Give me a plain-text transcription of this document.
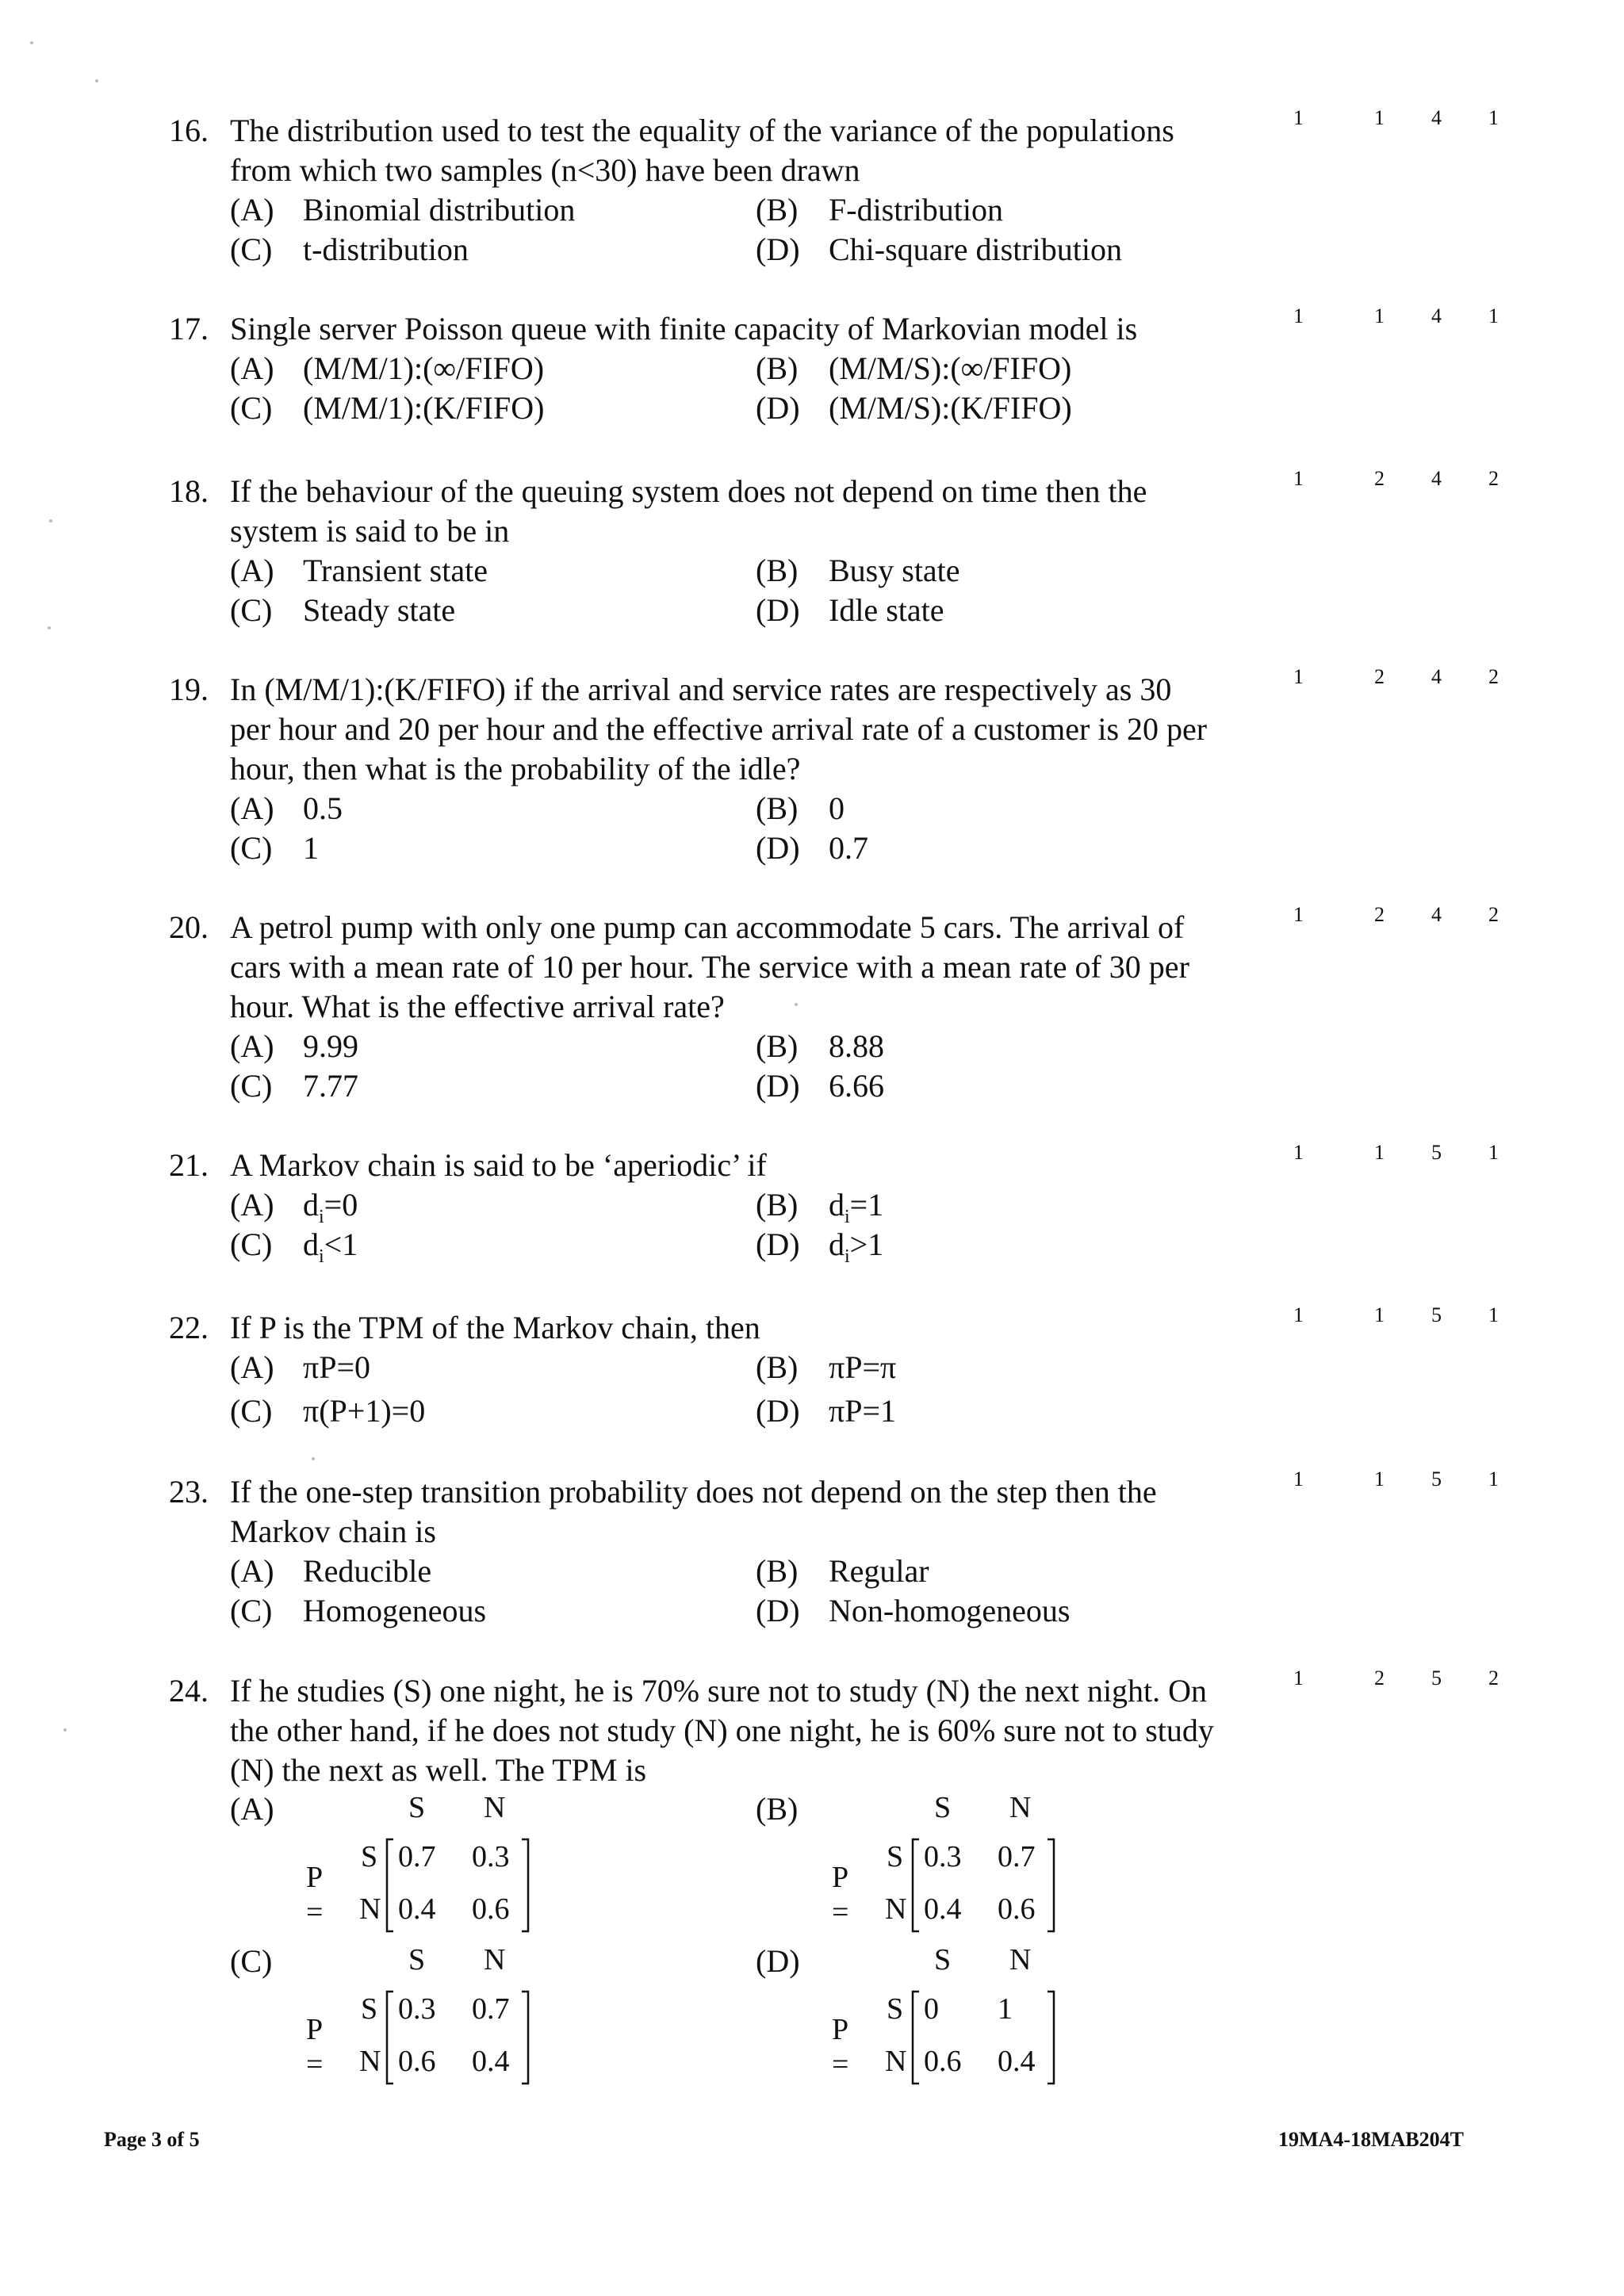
16. The distribution used to test the equality of the variance of the populations
from which two samples (n<30) have been drawn
1	1 4 1
(A) Binomial distribution	(B) F-distribution
(C) t-distribution	(D) Chi-square distribution
17. Single server Poisson queue with finite capacity of Markovian model is	1	1 4 1
(A) (M/M/1):(∞/FIFO)	(B) (M/M/S):(∞/FIFO)
(C) (M/M/1):(K/FIFO)	(D) (M/M/S):(K/FIFO)
18. If the behaviour of the queuing system does not depend on time then the
system is said to be in
1	2 4 2
(A) Transient state	(B) Busy state
(C) Steady state	(D) Idle state
19. In (M/M/1):(K/FIFO) if the arrival and service rates are respectively as 30
per hour and 20 per hour and the effective arrival rate of a customer is 20 per
hour, then what is the probability of the idle?
1	2 4 2
(A) 0.5	(B) 0
(C) 1	(D) 0.7
20. A petrol pump with only one pump can accommodate 5 cars. The arrival of
cars with a mean rate of 10 per hour. The service with a mean rate of 30 per
hour. What is the effective arrival rate?
1	2 4 2
(A) 9.99	(B) 8.88
(C) 7.77	(D) 6.66
21. A Markov chain is said to be ‘aperiodic’ if	1	1 5 1
(A) $d_i=0$	(B) $d_i=1$
(C) $d_i<1$	(D) $d_i>1$
22. If P is the TPM of the Markov chain, then	1	1 5 1
(A) πP=0	(B) πP=π
(C) π(P+1)=0	(D) πP=1
23. If the one-step transition probability does not depend on the step then the
Markov chain is
1	1 5 1
(A) Reducible	(B) Regular
(C) Homogeneous	(D) Non-homogeneous
24. If he studies (S) one night, he is 70% sure not to study (N) the next night. On
the other hand, if he does not study (N) one night, he is 60% sure not to study
(N) the next as well. The TPM is
1	2 5 2
(A)	S N
P =
S
N
0.7 0.3
0.4 0.6
(B)	S N
P =
S
N
0.3 0.7
0.4 0.6
(C)	S N
P =
S
N
0.3 0.7
0.6 0.4
(D)	S N
P =
S
N
0 1
0.6 0.4
Page 3 of 5	19MA4-18MAB204T
